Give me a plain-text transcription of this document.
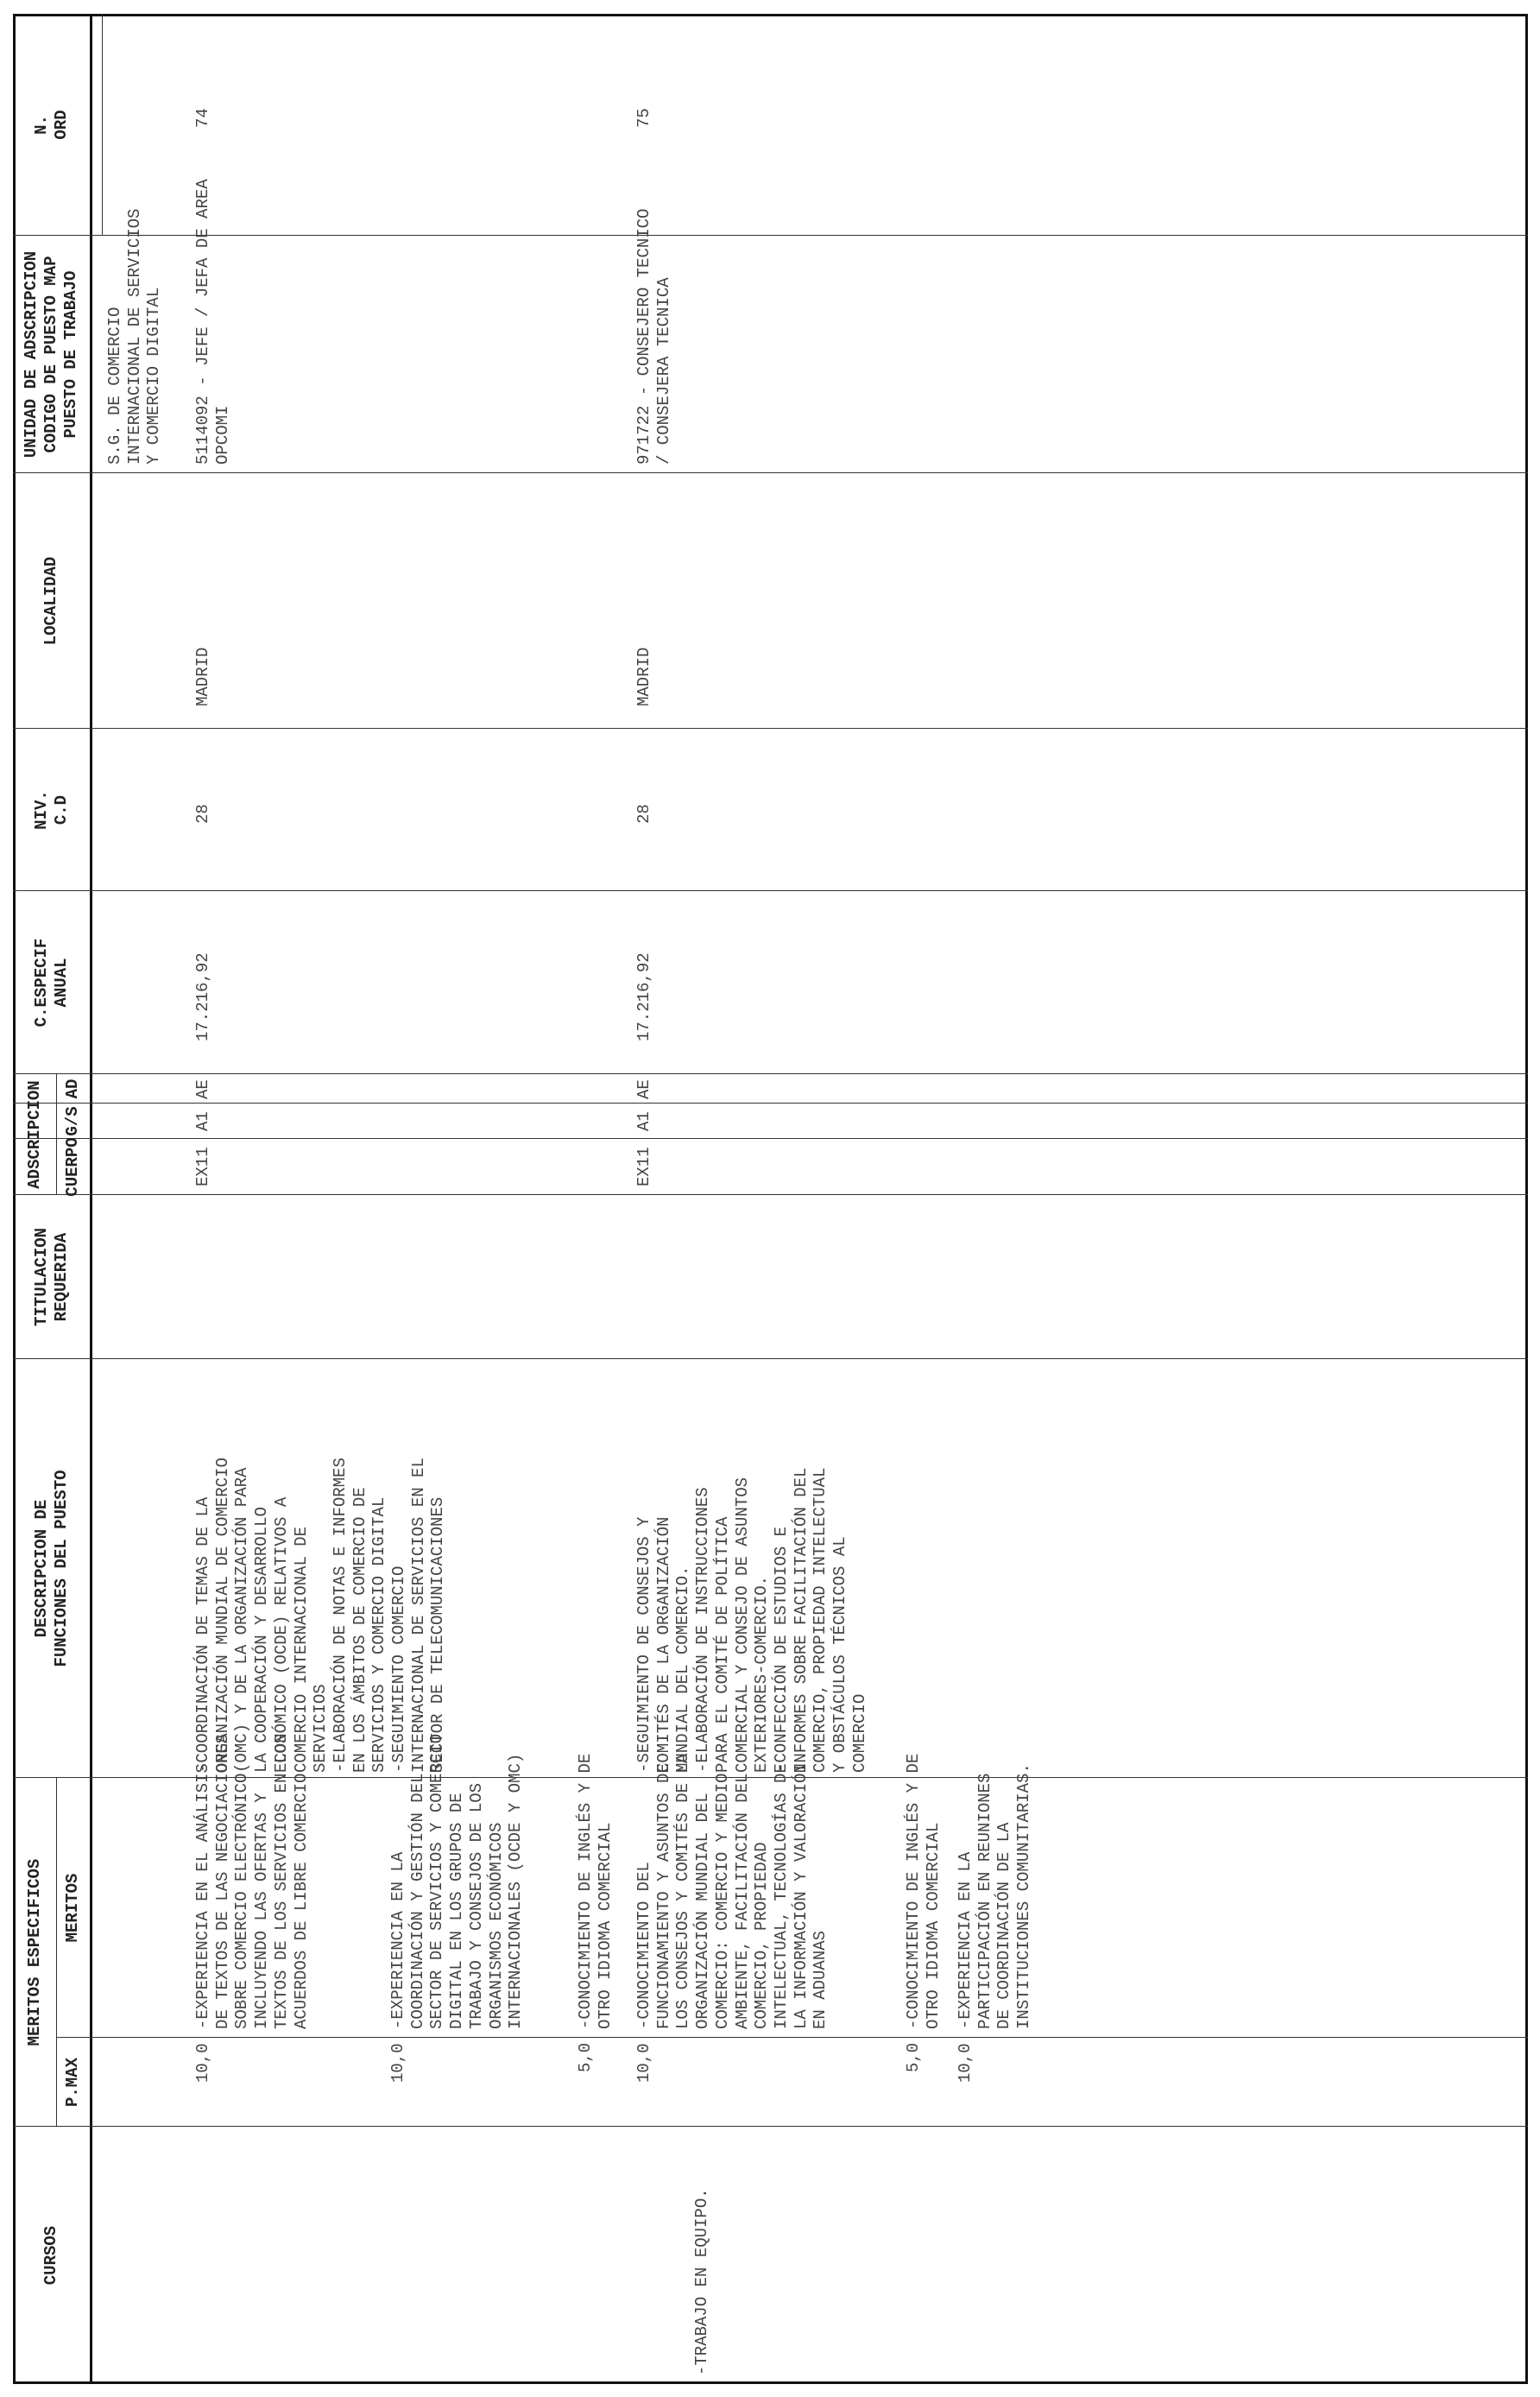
N.
ORD
UNIDAD DE ADSCRIPCION
CODIGO DE PUESTO MAP
PUESTO DE TRABAJO
LOCALIDAD
NIV.
C.D
C.ESPECIF
ANUAL
ADSCRIPCION	AD
G/S
CUERPO
TITULACION
REQUERIDA
DESCRIPCION DE
FUNCIONES DEL PUESTO
MERITOS ESPECIFICOS	MERITOS
P.MAX
CURSOS
S.G. DE COMERCIO
INTERNACIONAL DE SERVICIOS
Y COMERCIO DIGITAL
74
5114092 - JEFE / JEFA DE AREA
OPCOMI
MADRID
28
17.216,92
AE
A1
EX11
-COORDINACIÓN DE TEMAS DE LA
ORGANIZACIÓN MUNDIAL DE COMERCIO
(OMC) Y DE LA ORGANIZACIÓN PARA
LA COOPERACIÓN Y DESARROLLO
ECONÓMICO (OCDE) RELATIVOS A
COMERCIO INTERNACIONAL DE
SERVICIOS
-ELABORACIÓN DE NOTAS E INFORMES
EN LOS ÁMBITOS DE COMERCIO DE
SERVICIOS Y COMERCIO DIGITAL
-SEGUIMIENTO COMERCIO
INTERNACIONAL DE SERVICIOS EN EL
SECTOR DE TELECOMUNICACIONES
-EXPERIENCIA EN EL ANÁLISIS
DE TEXTOS DE LAS NEGOCIACIONES
SOBRE COMERCIO ELECTRÓNICO
INCLUYENDO LAS OFERTAS Y
TEXTOS DE LOS SERVICIOS EN LOS
ACUERDOS DE LIBRE COMERCIO
10,0
-EXPERIENCIA EN LA
COORDINACIÓN Y GESTIÓN DEL
SECTOR DE SERVICIOS Y COMERCIO
DIGITAL EN LOS GRUPOS DE
TRABAJO Y CONSEJOS DE LOS
ORGANISMOS ECONÓMICOS
INTERNACIONALES (OCDE Y OMC)
10,0
-CONOCIMIENTO DE INGLÉS Y DE
OTRO IDIOMA COMERCIAL
5,0
75
971722 - CONSEJERO TECNICO
/ CONSEJERA TECNICA
MADRID
28
17.216,92
AE
A1
EX11
-SEGUIMIENTO DE CONSEJOS Y
COMITÉS DE LA ORGANIZACIÓN
MUNDIAL DEL COMERCIO.
-ELABORACIÓN DE INSTRUCCIONES
PARA EL COMITÉ DE POLÍTICA
COMERCIAL Y CONSEJO DE ASUNTOS
EXTERIORES-COMERCIO.
-CONFECCIÓN DE ESTUDIOS E
INFORMES SOBRE FACILITACIÓN DEL
COMERCIO, PROPIEDAD INTELECTUAL
Y OBSTÁCULOS TÉCNICOS AL
COMERCIO
-CONOCIMIENTO DEL
FUNCIONAMIENTO Y ASUNTOS DE
LOS CONSEJOS Y COMITÉS DE LA
ORGANIZACIÓN MUNDIAL DEL
COMERCIO: COMERCIO Y MEDIO
AMBIENTE, FACILITACIÓN DEL
COMERCIO, PROPIEDAD
INTELECTUAL, TECNOLOGÍAS DE
LA INFORMACIÓN Y VALORACIÓN
EN ADUANAS
10,0
-CONOCIMIENTO DE INGLÉS Y DE
OTRO IDIOMA COMERCIAL
5,0
-EXPERIENCIA EN LA
PARTICIPACIÓN EN REUNIONES
DE COORDINACIÓN DE LA
INSTITUCIONES COMUNITARIAS.
10,0
-TRABAJO EN EQUIPO.
